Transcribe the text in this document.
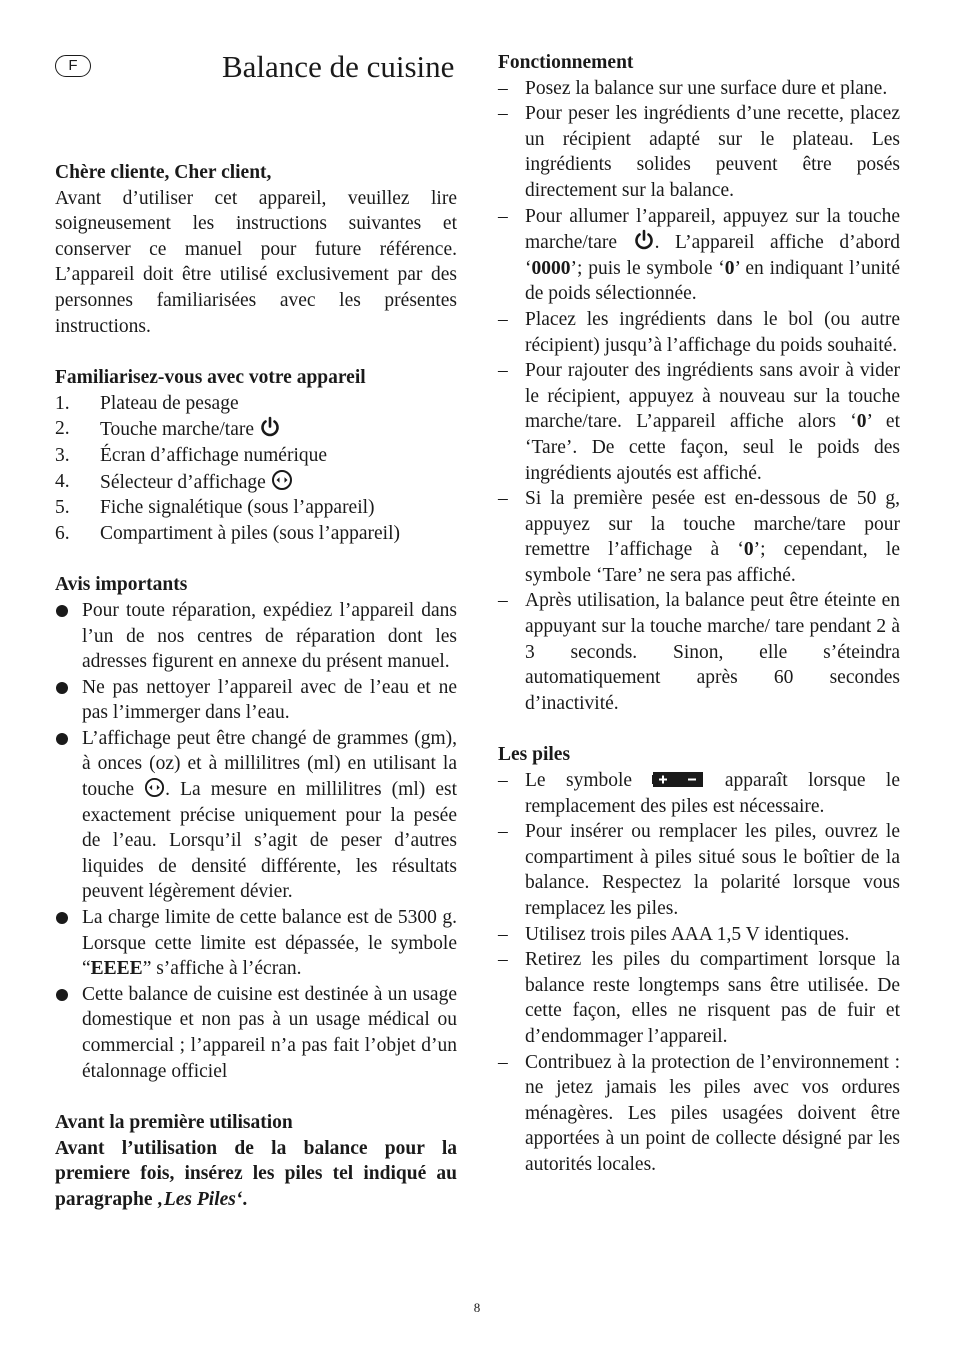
F	Balance de cuisine

Chère cliente, Cher client,

Avant d’utiliser cet appareil, veuillez lire soigneusement les instructions suivantes et conserver ce manuel pour future référence. L’appareil doit être utilisé exclusivement par des personnes familiarisées avec les présentes instructions.

Familiarisez-vous avec votre appareil

1. Plateau de pesage
2. Touche marche/tare
3. Écran d’affichage numérique
4. Sélecteur d’affichage
5. Fiche signalétique (sous l’appareil)
6. Compartiment à piles (sous l’appareil)

Avis importants

Pour toute réparation, expédiez l’appareil dans l’un de nos centres de réparation dont les adresses figurent en annexe du présent manuel.
Ne pas nettoyer l’appareil avec de l’eau et ne pas l’immerger dans l’eau.
L’affichage peut être changé de grammes (gm), à onces (oz) et à millilitres (ml) en utilisant la touche . La mesure en millilitres (ml) est exactement précise uniquement pour la pesée de l’eau. Lorsqu’il s’agit de peser d’autres liquides de densité différente, les résultats peuvent légèrement dévier.
La charge limite de cette balance est de 5300 g. Lorsque cette limite est dépassée, le symbole “EEEE” s’affiche à l’écran.
Cette balance de cuisine est destinée à un usage domestique et non pas à un usage médical ou commercial ; l’appareil n’a pas fait l’objet d’un étalonnage officiel

Avant la première utilisation

Avant l’utilisation de la balance pour la premiere fois, insérez les piles tel indiqué au paragraphe ‚Les Piles‘.

Fonctionnement

– Posez la balance sur une surface dure et plane.
– Pour peser les ingrédients d’une recette, placez un récipient adapté sur le plateau. Les ingrédients solides peuvent être posés directement sur la balance.
– Pour allumer l’appareil, appuyez sur la touche marche/tare . L’appareil affiche d’abord ‘0000’; puis le symbole ‘0’ en indiquant l’unité de poids sélectionnée.
– Placez les ingrédients dans le bol (ou autre récipient) jusqu’à l’affichage du poids souhaité.
– Pour rajouter des ingrédients sans avoir à vider le récipient, appuyez à nouveau sur la touche marche/tare. L’appareil affiche alors ‘0’ et ‘Tare’. De cette façon, seul le poids des ingrédients ajoutés est affiché.
– Si la première pesée est en-dessous de 50 g, appuyez sur la touche marche/tare pour remettre l’affichage à ‘0’; cependant, le symbole ‘Tare’ ne sera pas affiché.
– Après utilisation, la balance peut être éteinte en appuyant sur la touche marche/ tare pendant 2 à 3 seconds. Sinon, elle s’éteindra automatiquement après 60 secondes d’inactivité.

Les piles

– Le symbole	apparaît lorsque le remplacement des piles est nécessaire.
– Pour insérer ou remplacer les piles, ouvrez le compartiment à piles situé sous le boîtier de la balance. Respectez la polarité lorsque vous remplacez les piles.
– Utilisez trois piles AAA 1,5 V identiques.
– Retirez les piles du compartiment lorsque la balance reste longtemps sans être utilisée. De cette façon, elles ne risquent pas de fuir et d’endommager l’appareil.
– Contribuez à la protection de l’environnement : ne jetez jamais les piles avec vos ordures ménagères. Les piles usagées doivent être apportées à un point de collecte désigné par les autorités locales.
8
